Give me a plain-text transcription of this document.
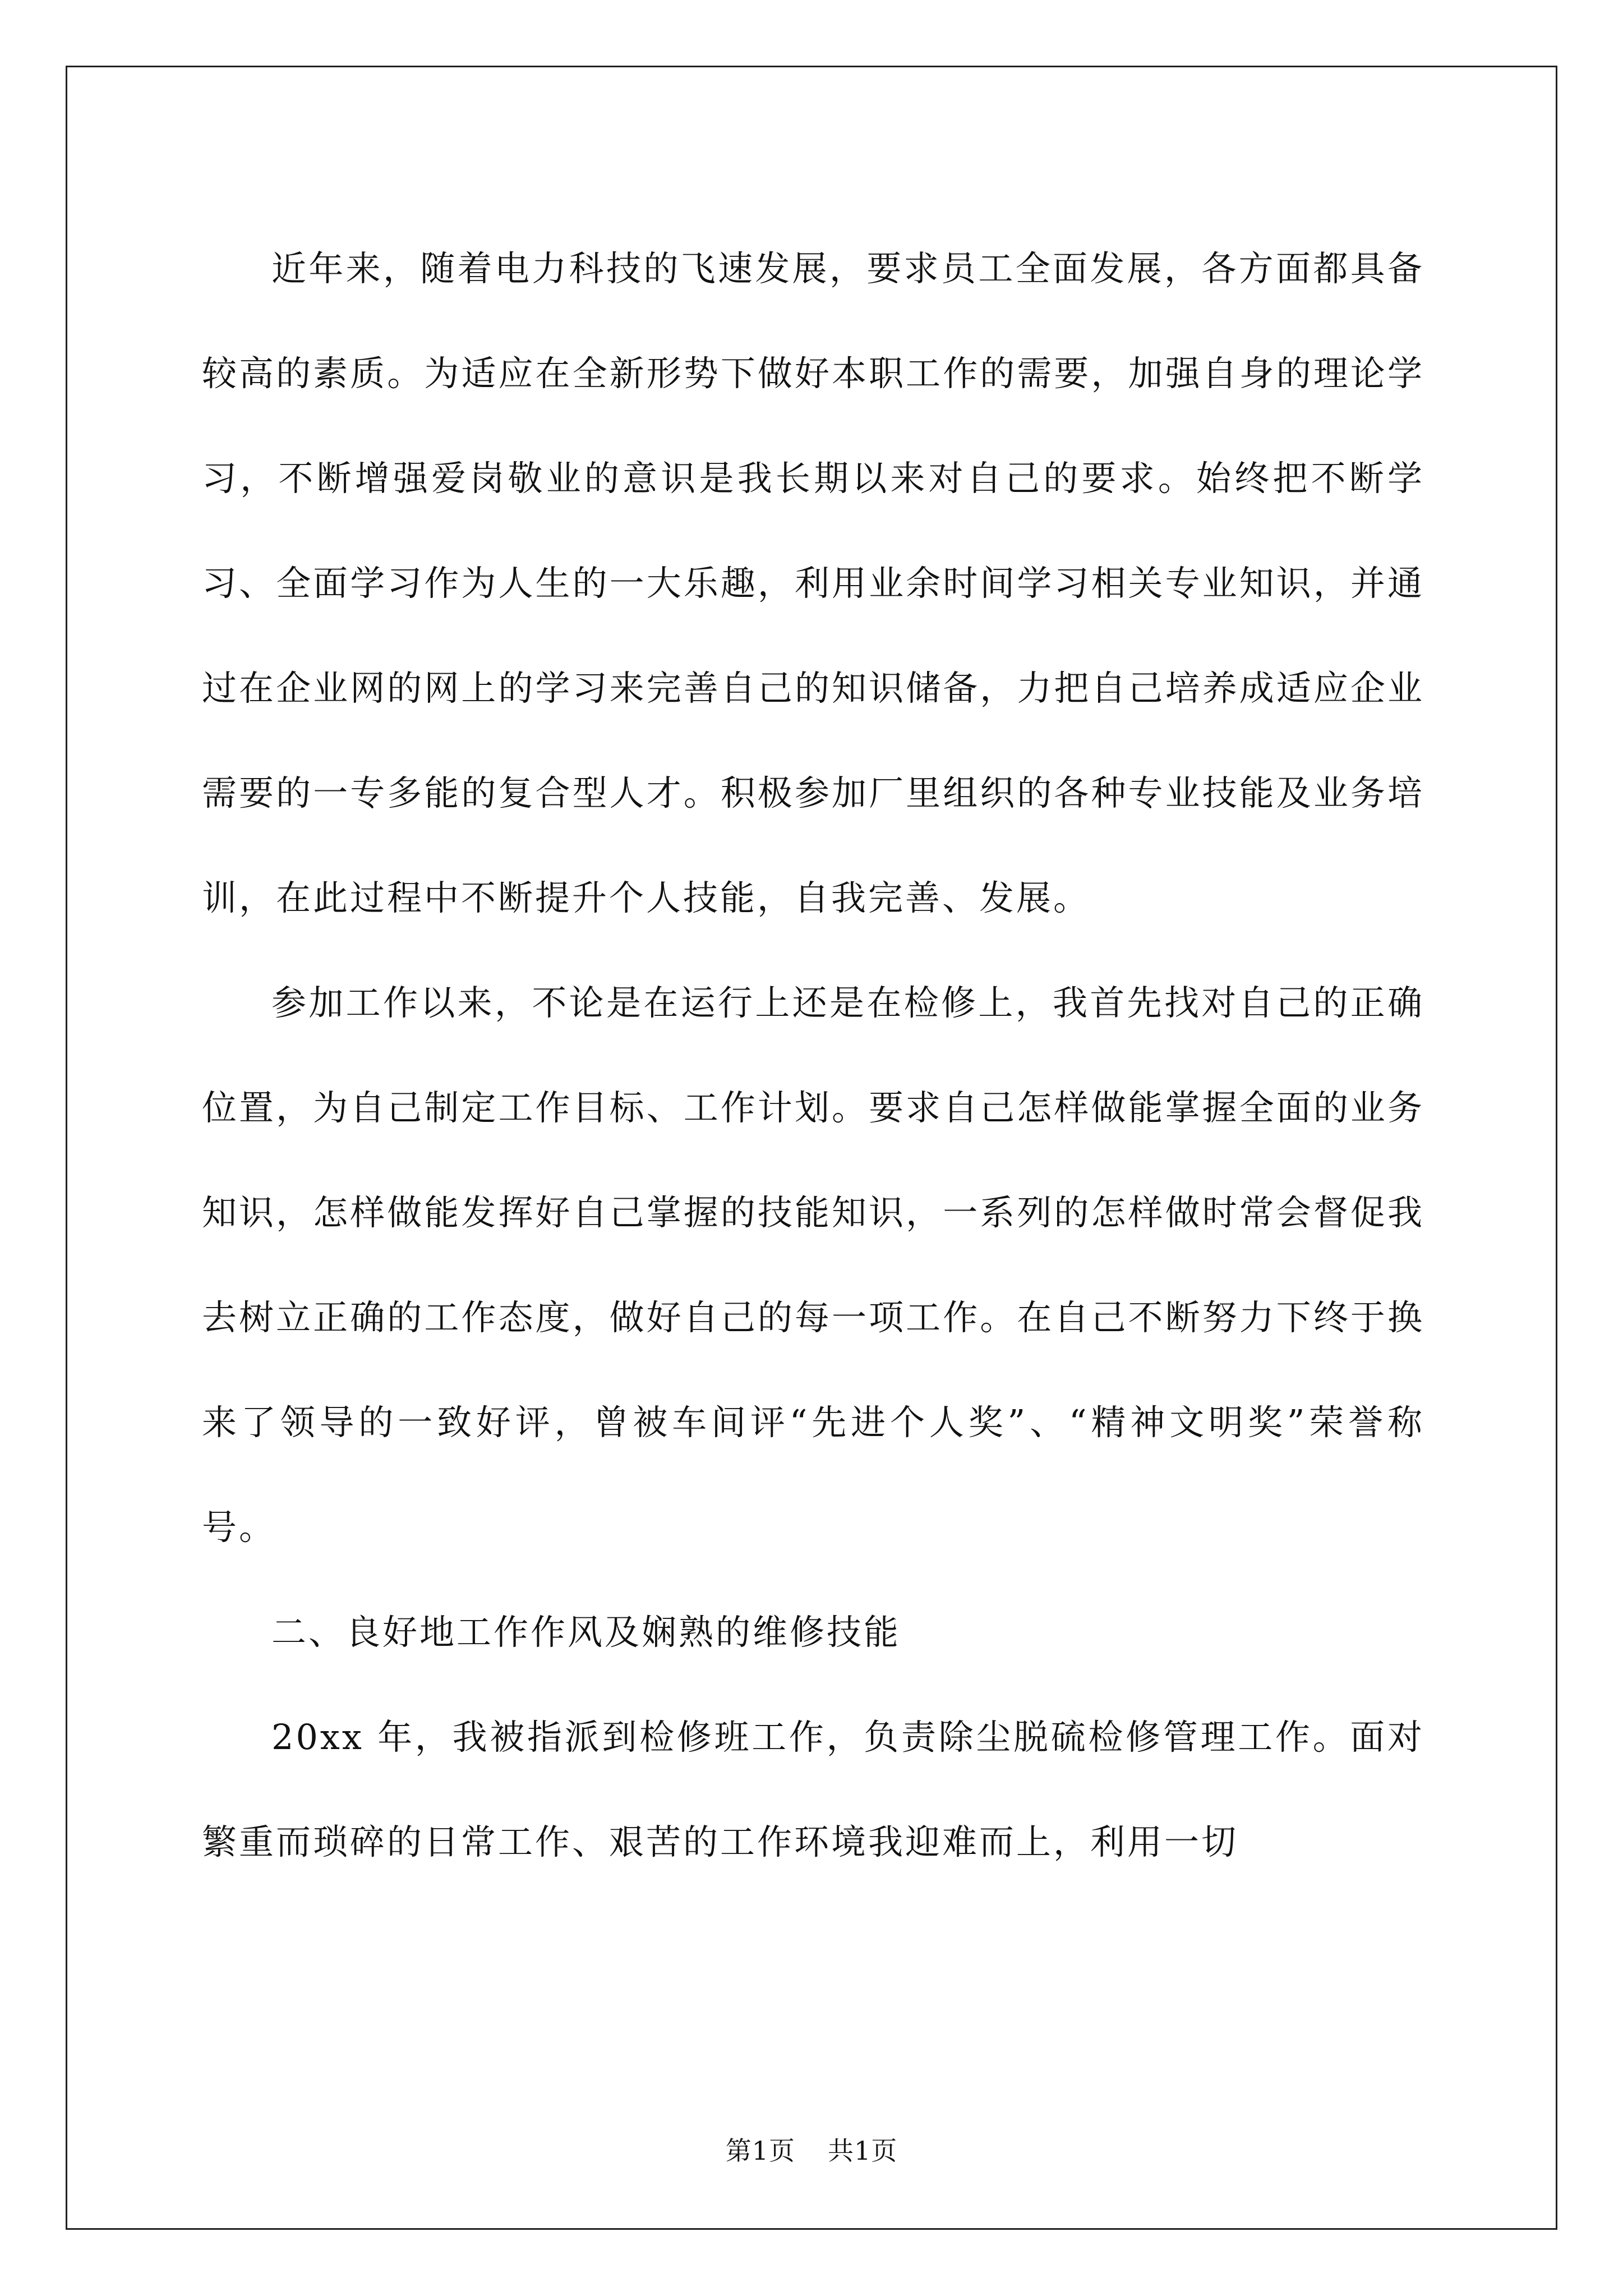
近年来，随着电力科技的飞速发展，要求员工全面发展，各方面都具备较高的素质。为适应在全新形势下做好本职工作的需要，加强自身的理论学习，不断增强爱岗敬业的意识是我长期以来对自己的要求。始终把不断学习、全面学习作为人生的一大乐趣，利用业余时间学习相关专业知识，并通过在企业网的网上的学习来完善自己的知识储备，力把自己培养成适应企业需要的一专多能的复合型人才。积极参加厂里组织的各种专业技能及业务培训，在此过程中不断提升个人技能，自我完善、发展。

参加工作以来，不论是在运行上还是在检修上，我首先找对自己的正确位置，为自己制定工作目标、工作计划。要求自己怎样做能掌握全面的业务知识，怎样做能发挥好自己掌握的技能知识，一系列的怎样做时常会督促我去树立正确的工作态度，做好自己的每一项工作。在自己不断努力下终于换来了领导的一致好评，曾被车间评“先进个人奖”、“精神文明奖”荣誉称号。

二、良好地工作作风及娴熟的维修技能

20xx 年，我被指派到检修班工作，负责除尘脱硫检修管理工作。面对繁重而琐碎的日常工作、艰苦的工作环境我迎难而上，利用一切

第1页 共1页
